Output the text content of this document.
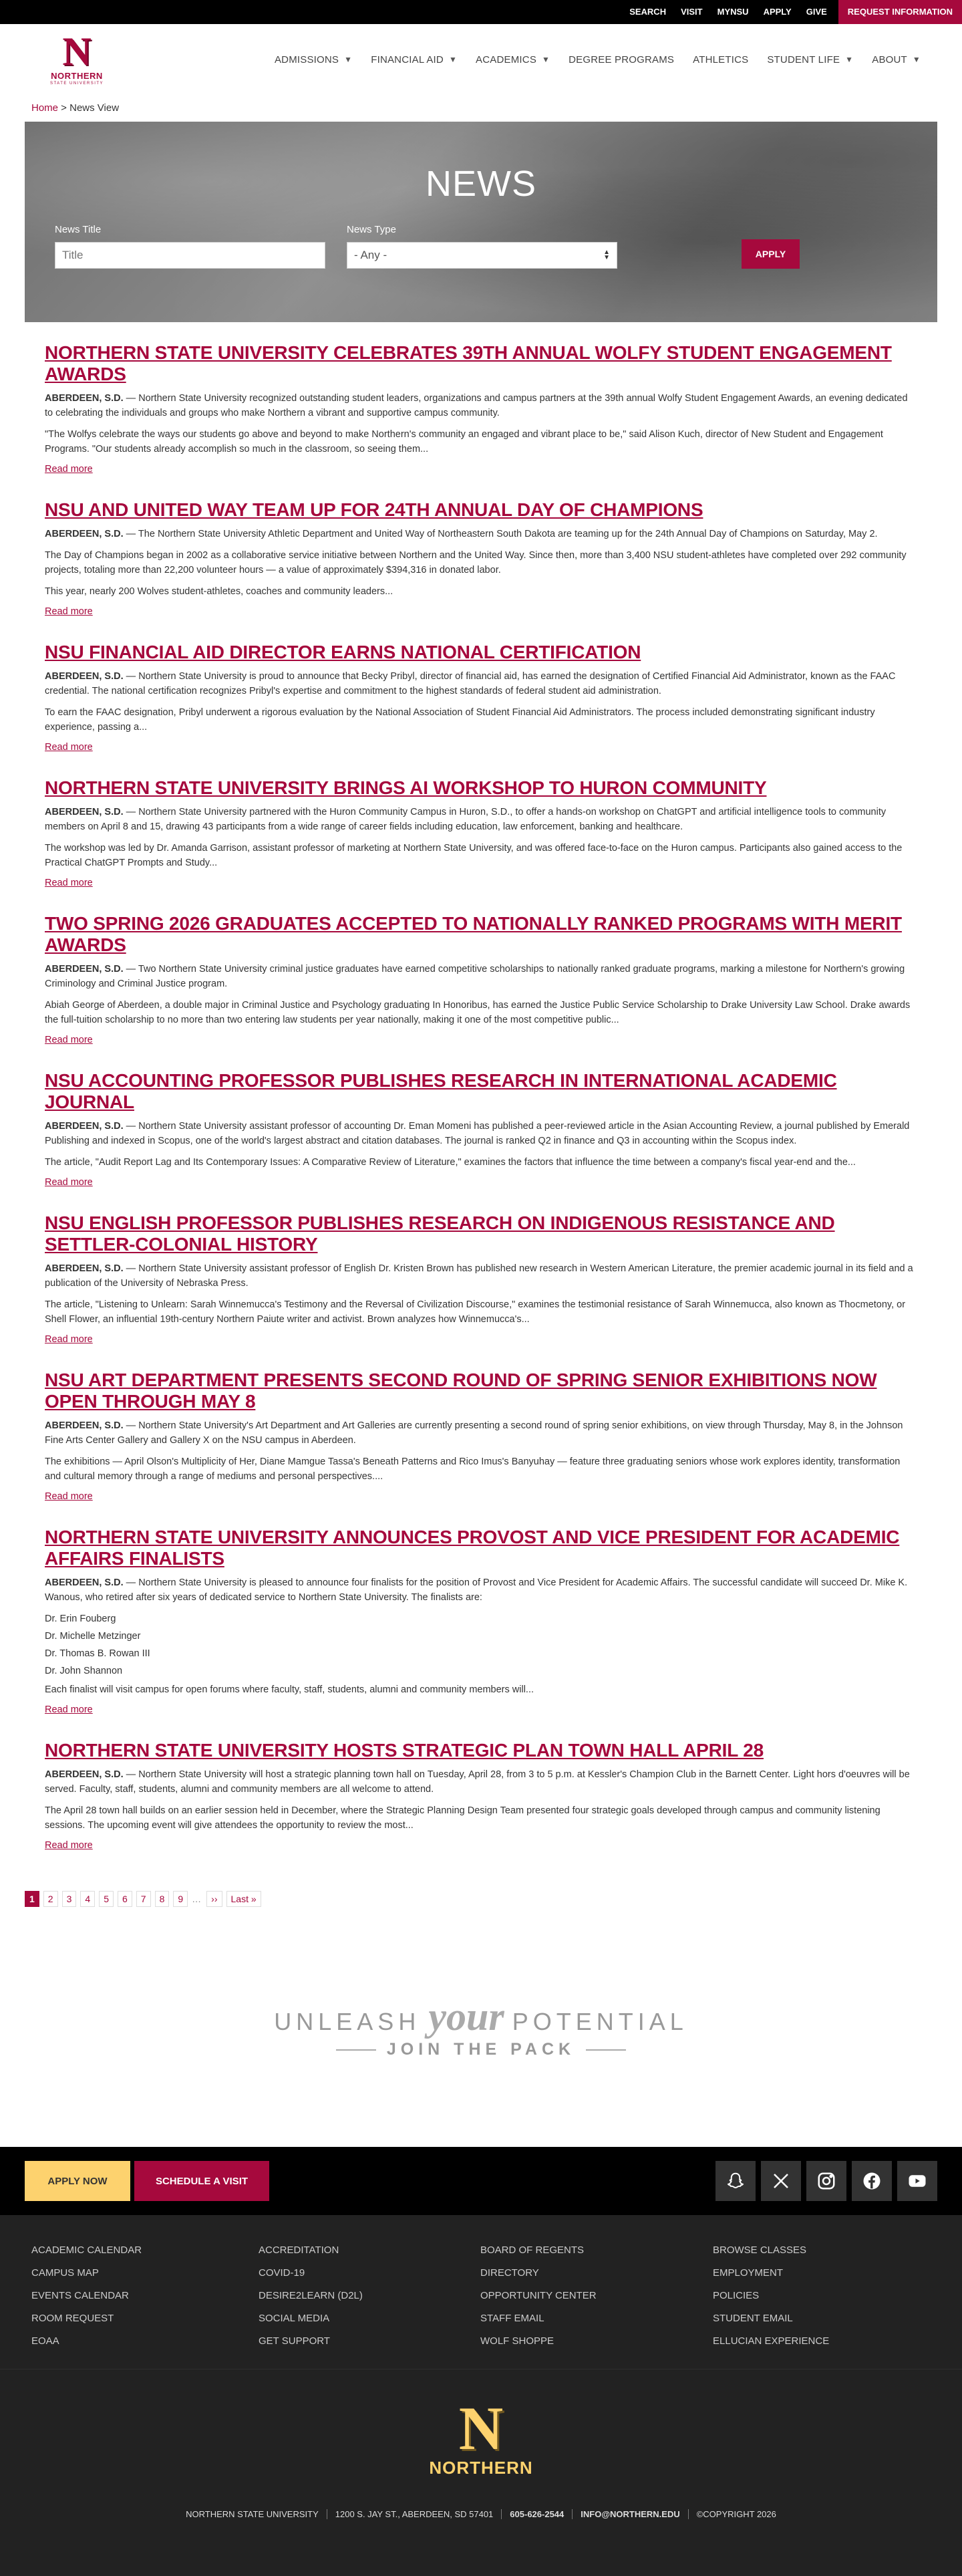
SEARCH	VISIT	MYNSU	APPLY	GIVE	REQUEST INFORMATION
N
NORTHERN
STATE UNIVERSITY
ADMISSIONS ▼ FINANCIAL AID ▼ ACADEMICS ▼ DEGREE PROGRAMS ATHLETICS STUDENT LIFE ▼ ABOUT ▼
Home > News View
NEWS
News Title
Title	News Type
- Any -	▲
▼	APPLY
NORTHERN STATE UNIVERSITY CELEBRATES 39TH ANNUAL WOLFY STUDENT ENGAGEMENT AWARDS

ABERDEEN, S.D. — Northern State University recognized outstanding student leaders, organizations and campus partners at the 39th annual Wolfy Student Engagement Awards, an evening dedicated to celebrating the individuals and groups who make Northern a vibrant and supportive campus community.

"The Wolfys celebrate the ways our students go above and beyond to make Northern's community an engaged and vibrant place to be," said Alison Kuch, director of New Student and Engagement Programs. "Our students already accomplish so much in the classroom, so seeing them...

Read more
NSU AND UNITED WAY TEAM UP FOR 24TH ANNUAL DAY OF CHAMPIONS

ABERDEEN, S.D. — The Northern State University Athletic Department and United Way of Northeastern South Dakota are teaming up for the 24th Annual Day of Champions on Saturday, May 2.

The Day of Champions began in 2002 as a collaborative service initiative between Northern and the United Way. Since then, more than 3,400 NSU student-athletes have completed over 292 community projects, totaling more than 22,200 volunteer hours — a value of approximately $394,316 in donated labor.

This year, nearly 200 Wolves student-athletes, coaches and community leaders...

Read more
NSU FINANCIAL AID DIRECTOR EARNS NATIONAL CERTIFICATION

ABERDEEN, S.D. — Northern State University is proud to announce that Becky Pribyl, director of financial aid, has earned the designation of Certified Financial Aid Administrator, known as the FAAC credential. The national certification recognizes Pribyl's expertise and commitment to the highest standards of federal student aid administration.

To earn the FAAC designation, Pribyl underwent a rigorous evaluation by the National Association of Student Financial Aid Administrators. The process included demonstrating significant industry experience, passing a...

Read more
NORTHERN STATE UNIVERSITY BRINGS AI WORKSHOP TO HURON COMMUNITY

ABERDEEN, S.D. — Northern State University partnered with the Huron Community Campus in Huron, S.D., to offer a hands-on workshop on ChatGPT and artificial intelligence tools to community members on April 8 and 15, drawing 43 participants from a wide range of career fields including education, law enforcement, banking and healthcare.

The workshop was led by Dr. Amanda Garrison, assistant professor of marketing at Northern State University, and was offered face-to-face on the Huron campus. Participants also gained access to the Practical ChatGPT Prompts and Study...

Read more
TWO SPRING 2026 GRADUATES ACCEPTED TO NATIONALLY RANKED PROGRAMS WITH MERIT AWARDS

ABERDEEN, S.D. — Two Northern State University criminal justice graduates have earned competitive scholarships to nationally ranked graduate programs, marking a milestone for Northern's growing Criminology and Criminal Justice program.

Abiah George of Aberdeen, a double major in Criminal Justice and Psychology graduating In Honoribus, has earned the Justice Public Service Scholarship to Drake University Law School. Drake awards the full-tuition scholarship to no more than two entering law students per year nationally, making it one of the most competitive public...

Read more
NSU ACCOUNTING PROFESSOR PUBLISHES RESEARCH IN INTERNATIONAL ACADEMIC JOURNAL

ABERDEEN, S.D. — Northern State University assistant professor of accounting Dr. Eman Momeni has published a peer-reviewed article in the Asian Accounting Review, a journal published by Emerald Publishing and indexed in Scopus, one of the world's largest abstract and citation databases. The journal is ranked Q2 in finance and Q3 in accounting within the Scopus index.

The article, "Audit Report Lag and Its Contemporary Issues: A Comparative Review of Literature," examines the factors that influence the time between a company's fiscal year-end and the...

Read more
NSU ENGLISH PROFESSOR PUBLISHES RESEARCH ON INDIGENOUS RESISTANCE AND SETTLER-COLONIAL HISTORY

ABERDEEN, S.D. — Northern State University assistant professor of English Dr. Kristen Brown has published new research in Western American Literature, the premier academic journal in its field and a publication of the University of Nebraska Press.

The article, "Listening to Unlearn: Sarah Winnemucca's Testimony and the Reversal of Civilization Discourse," examines the testimonial resistance of Sarah Winnemucca, also known as Thocmetony, or Shell Flower, an influential 19th-century Northern Paiute writer and activist. Brown analyzes how Winnemucca's...

Read more
NSU ART DEPARTMENT PRESENTS SECOND ROUND OF SPRING SENIOR EXHIBITIONS NOW OPEN THROUGH MAY 8

ABERDEEN, S.D. — Northern State University's Art Department and Art Galleries are currently presenting a second round of spring senior exhibitions, on view through Thursday, May 8, in the Johnson Fine Arts Center Gallery and Gallery X on the NSU campus in Aberdeen.

The exhibitions — April Olson's Multiplicity of Her, Diane Mamgue Tassa's Beneath Patterns and Rico Imus's Banyuhay — feature three graduating seniors whose work explores identity, transformation and cultural memory through a range of mediums and personal perspectives....

Read more
NORTHERN STATE UNIVERSITY ANNOUNCES PROVOST AND VICE PRESIDENT FOR ACADEMIC AFFAIRS FINALISTS

ABERDEEN, S.D. — Northern State University is pleased to announce four finalists for the position of Provost and Vice President for Academic Affairs. The successful candidate will succeed Dr. Mike K. Wanous, who retired after six years of dedicated service to Northern State University. The finalists are:

Dr. Erin Fouberg
Dr. Michelle Metzinger
Dr. Thomas B. Rowan III
Dr. John Shannon

Each finalist will visit campus for open forums where faculty, staff, students, alumni and community members will...

Read more
NORTHERN STATE UNIVERSITY HOSTS STRATEGIC PLAN TOWN HALL APRIL 28

ABERDEEN, S.D. — Northern State University will host a strategic planning town hall on Tuesday, April 28, from 3 to 5 p.m. at Kessler's Champion Club in the Barnett Center. Light hors d'oeuvres will be served. Faculty, staff, students, alumni and community members are all welcome to attend.

The April 28 town hall builds on an earlier session held in December, where the Strategic Planning Design Team presented four strategic goals developed through campus and community listening sessions. The upcoming event will give attendees the opportunity to review the most...

Read more
1	2	3	4	5	6	7	8	9 …	››	Last »
UNLEASH your POTENTIAL
JOIN THE PACK
APPLY NOW	SCHEDULE A VISIT
ACADEMIC CALENDAR
CAMPUS MAP
EVENTS CALENDAR
ROOM REQUEST
EOAA
ACCREDITATION
COVID-19
DESIRE2LEARN (D2L)
SOCIAL MEDIA
GET SUPPORT
BOARD OF REGENTS
DIRECTORY
OPPORTUNITY CENTER
STAFF EMAIL
WOLF SHOPPE
BROWSE CLASSES
EMPLOYMENT
POLICIES
STUDENT EMAIL
ELLUCIAN EXPERIENCE
N
NORTHERN
NORTHERN STATE UNIVERSITY	1200 S. JAY ST., ABERDEEN, SD 57401	605-626-2544	INFO@NORTHERN.EDU	©COPYRIGHT 2026
